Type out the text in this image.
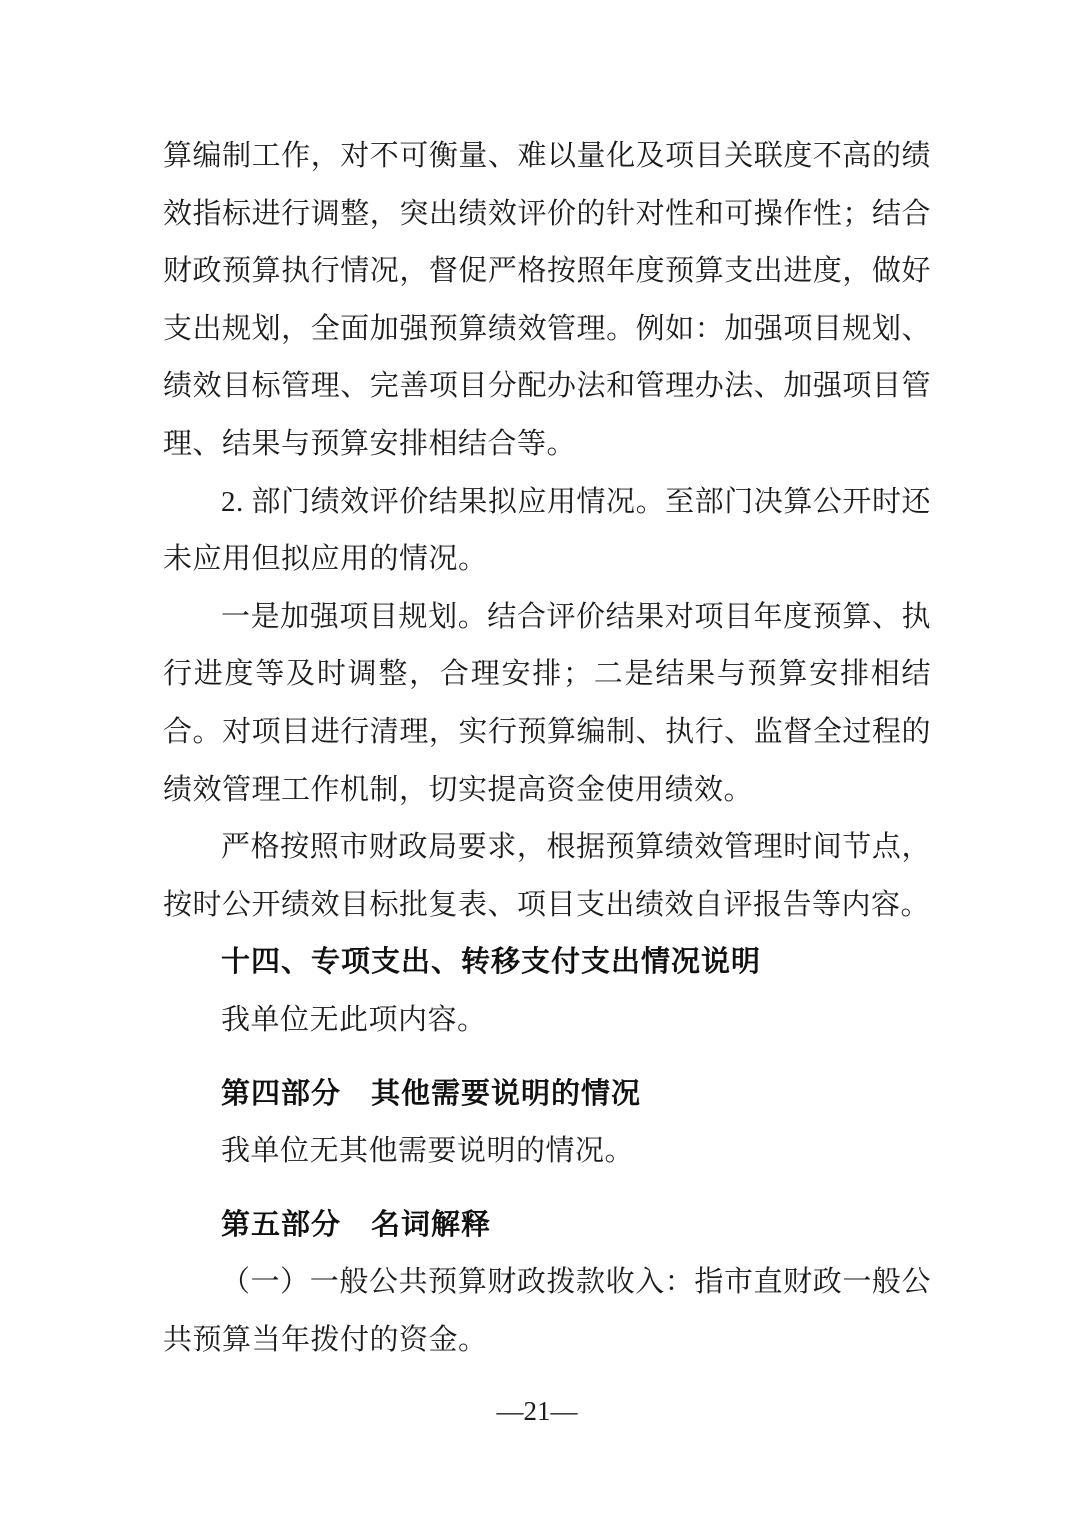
算编制工作，对不可衡量、难以量化及项目关联度不高的绩效指标进行调整，突出绩效评价的针对性和可操作性；结合财政预算执行情况，督促严格按照年度预算支出进度，做好支出规划，全面加强预算绩效管理。例如：加强项目规划、绩效目标管理、完善项目分配办法和管理办法、加强项目管理、结果与预算安排相结合等。

2. 部门绩效评价结果拟应用情况。至部门决算公开时还未应用但拟应用的情况。

一是加强项目规划。结合评价结果对项目年度预算、执行进度等及时调整，合理安排；二是结果与预算安排相结合。对项目进行清理，实行预算编制、执行、监督全过程的绩效管理工作机制，切实提高资金使用绩效。

严格按照市财政局要求，根据预算绩效管理时间节点，按时公开绩效目标批复表、项目支出绩效自评报告等内容。

十四、专项支出、转移支付支出情况说明

我单位无此项内容。

第四部分　其他需要说明的情况

我单位无其他需要说明的情况。

第五部分　名词解释

（一）一般公共预算财政拨款收入：指市直财政一般公共预算当年拨付的资金。

—21—
